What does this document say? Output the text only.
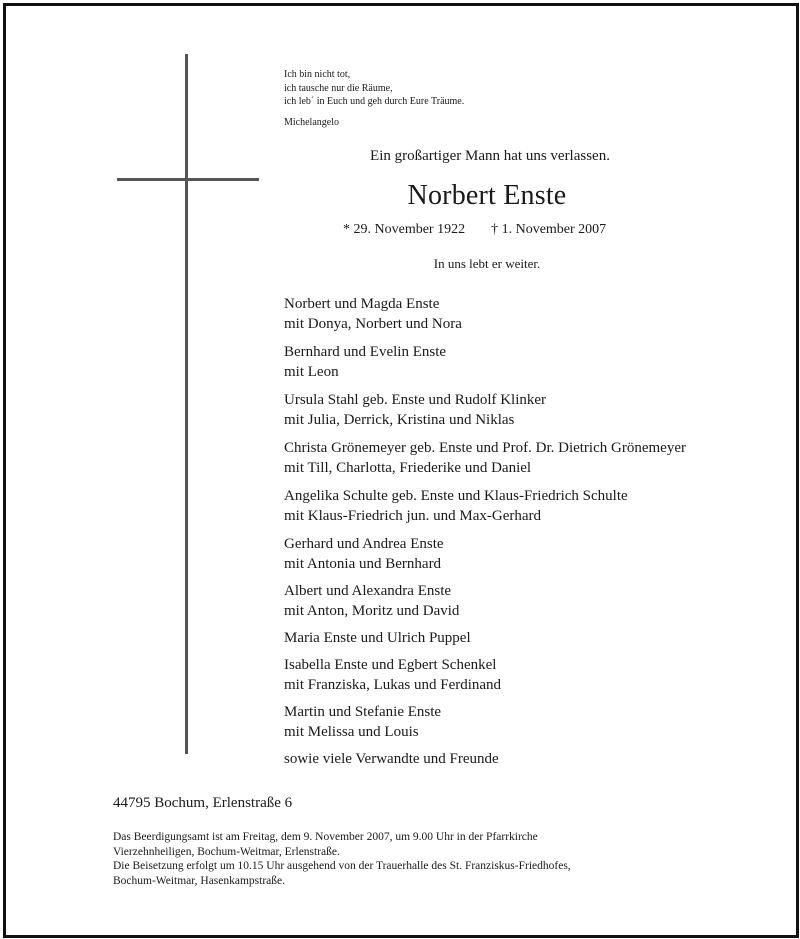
Ich bin nicht tot,
ich tausche nur die Räume,
ich leb´ in Euch und geh durch Eure Träume.
Michelangelo
Ein großartiger Mann hat uns verlassen.
Norbert Enste
* 29. November 1922 † 1. November 2007
In uns lebt er weiter.
Norbert und Magda Enste
mit Donya, Norbert und Nora
Bernhard und Evelin Enste
mit Leon
Ursula Stahl geb. Enste und Rudolf Klinker
mit Julia, Derrick, Kristina und Niklas
Christa Grönemeyer geb. Enste und Prof. Dr. Dietrich Grönemeyer
mit Till, Charlotta, Friederike und Daniel
Angelika Schulte geb. Enste und Klaus-Friedrich Schulte
mit Klaus-Friedrich jun. und Max-Gerhard
Gerhard und Andrea Enste
mit Antonia und Bernhard
Albert und Alexandra Enste
mit Anton, Moritz und David
Maria Enste und Ulrich Puppel
Isabella Enste und Egbert Schenkel
mit Franziska, Lukas und Ferdinand
Martin und Stefanie Enste
mit Melissa und Louis
sowie viele Verwandte und Freunde
44795 Bochum, Erlenstraße 6
Das Beerdigungsamt ist am Freitag, dem 9. November 2007, um 9.00 Uhr in der Pfarrkirche
Vierzehnheiligen, Bochum-Weitmar, Erlenstraße.
Die Beisetzung erfolgt um 10.15 Uhr ausgehend von der Trauerhalle des St. Franziskus-Friedhofes,
Bochum-Weitmar, Hasenkampstraße.
